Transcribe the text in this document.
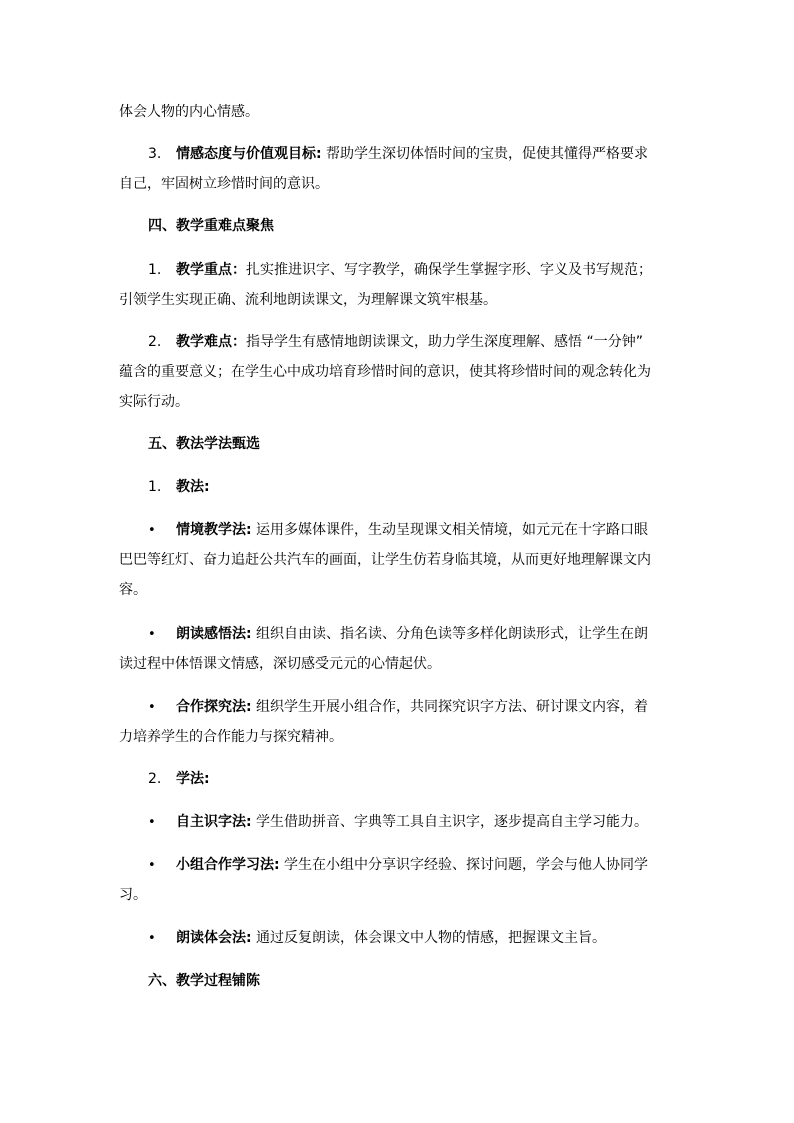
体会人物的内心情感。
3. 情感态度与价值观目标: 帮助学生深切体悟时间的宝贵，促使其懂得严格要求
自己，牢固树立珍惜时间的意识。
四、教学重难点聚焦
1. 教学重点：扎实推进识字、写字教学，确保学生掌握字形、字义及书写规范；
引领学生实现正确、流利地朗读课文，为理解课文筑牢根基。
2. 教学难点：指导学生有感情地朗读课文，助力学生深度理解、感悟 “一分钟”
蕴含的重要意义；在学生心中成功培育珍惜时间的意识，使其将珍惜时间的观念转化为
实际行动。
五、教法学法甄选
1. 教法:
• 情境教学法: 运用多媒体课件，生动呈现课文相关情境，如元元在十字路口眼
巴巴等红灯、奋力追赶公共汽车的画面，让学生仿若身临其境，从而更好地理解课文内
容。
• 朗读感悟法: 组织自由读、指名读、分角色读等多样化朗读形式，让学生在朗
读过程中体悟课文情感，深切感受元元的心情起伏。
• 合作探究法: 组织学生开展小组合作，共同探究识字方法、研讨课文内容，着
力培养学生的合作能力与探究精神。
2. 学法:
• 自主识字法: 学生借助拼音、字典等工具自主识字，逐步提高自主学习能力。
• 小组合作学习法: 学生在小组中分享识字经验、探讨问题，学会与他人协同学
习。
• 朗读体会法: 通过反复朗读，体会课文中人物的情感，把握课文主旨。
六、教学过程铺陈
